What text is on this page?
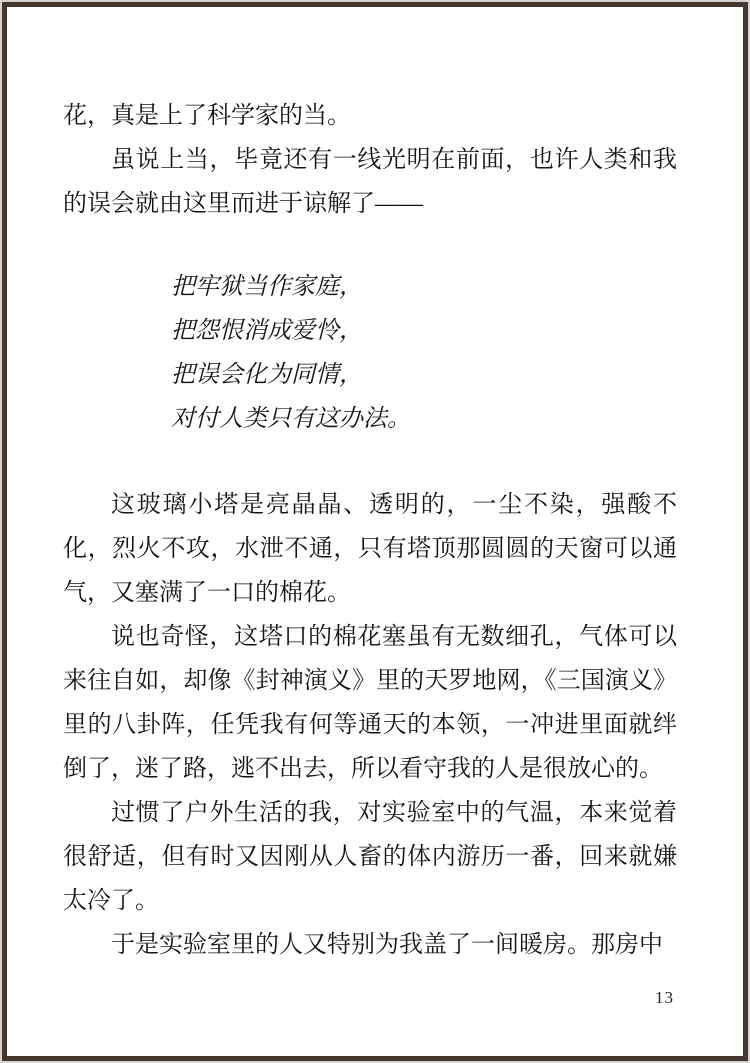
花，真是上了科学家的当。

虽说上当，毕竟还有一线光明在前面，也许人类和我的误会就由这里而进于谅解了——

把牢狱当作家庭，

把怨恨消成爱怜，

把误会化为同情，

对付人类只有这办法。

这玻璃小塔是亮晶晶、透明的，一尘不染，强酸不化，烈火不攻，水泄不通，只有塔顶那圆圆的天窗可以通气，又塞满了一口的棉花。

说也奇怪，这塔口的棉花塞虽有无数细孔，气体可以来往自如，却像《封神演义》里的天罗地网，《三国演义》里的八卦阵，任凭我有何等通天的本领，一冲进里面就绊倒了，迷了路，逃不出去，所以看守我的人是很放心的。

过惯了户外生活的我，对实验室中的气温，本来觉着很舒适，但有时又因刚从人畜的体内游历一番，回来就嫌太冷了。

于是实验室里的人又特别为我盖了一间暖房。那房中

13
